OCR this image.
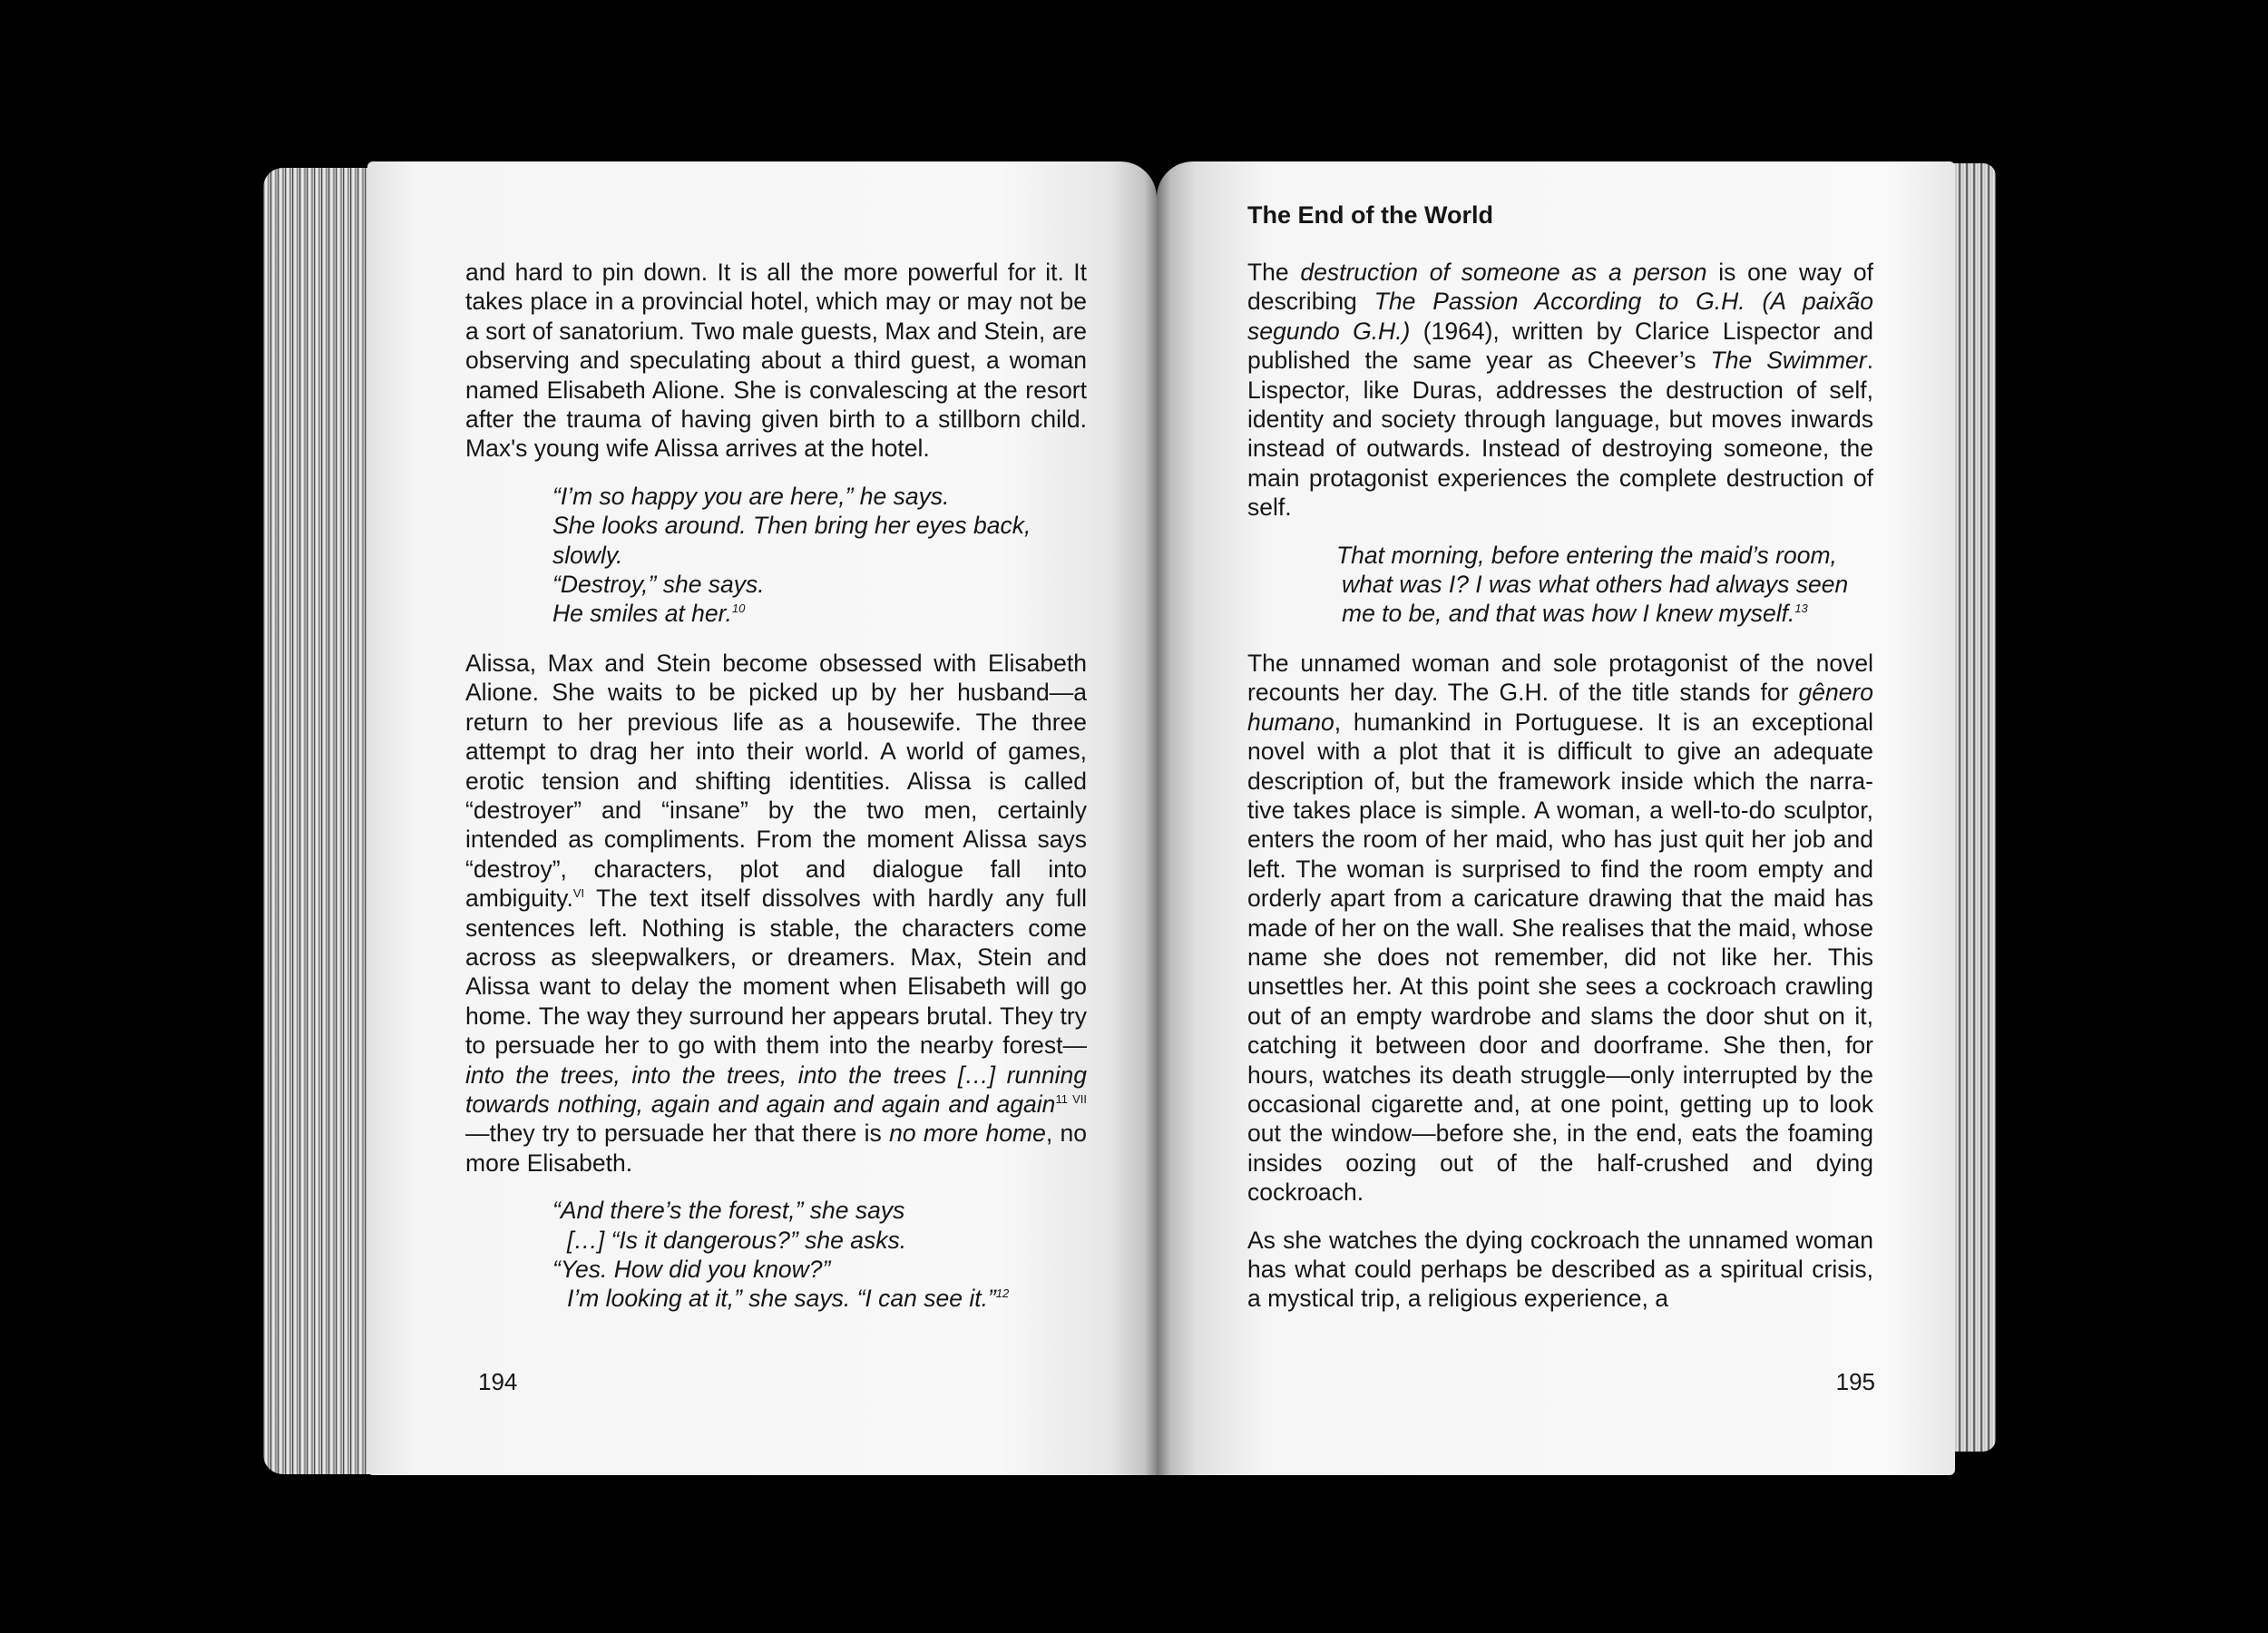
and hard to pin down. It is all the more powerful for it. It takes place in a provincial hotel, which may or may not be a sort of sanatorium. Two male guests, Max and Stein, are observing and speculating about a third guest, a woman named Elisabeth Alione. She is convalescing at the resort after the trauma of having given birth to a stillborn child. Max's young wife Alissa arrives at the hotel.

“I’m so happy you are here,” he says.
She looks around. Then bring her eyes back,
slowly.
“Destroy,” she says.
He smiles at her.$^{10}$

Alissa, Max and Stein become obsessed with Elisabeth Alione. She waits to be picked up by her husband—a return to her previous life as a housewife. The three attempt to drag her into their world. A world of games, erotic tension and shifting identities. Alissa is called “destroyer” and “insane” by the two men, certainly intended as compliments. From the moment Alissa says “destroy”, characters, plot and dialogue fall into ambiguity.$^{VI}$ The text itself dissolves with hardly any full sentences left. Nothing is stable, the characters come across as sleepwalkers, or dreamers. Max, Stein and Alissa want to delay the moment when Elisabeth will go home. The way they surround her appears brutal. They try to persuade her to go with them into the nearby forest—into the trees, into the trees, into the trees […] running towards nothing, again and again and again and again$^{11 VII}$—they try to persuade her that there is no more home, no more Elisabeth.

“And there’s the forest,” she says
[…] “Is it dangerous?” she asks.
“Yes. How did you know?”
I’m looking at it,” she says. “I can see it.”$^{12}$
194
The End of the World

The destruction of someone as a person is one way of describing The Passion According to G.H. (A paixão segundo G.H.) (1964), written by Clarice Lispector and published the same year as Cheever’s The Swimmer. Lispector, like Duras, addresses the destruction of self, identity and society through language, but moves inwards instead of outwards. Instead of destroying someone, the main protagonist experiences the complete destruction of self.

That morning, before entering the maid’s room,
what was I? I was what others had always seen
me to be, and that was how I knew myself.$^{13}$

The unnamed woman and sole protagonist of the novel recounts her day. The G.H. of the title stands for gênero humano, humankind in Portuguese. It is an exceptional novel with a plot that it is difficult to give an adequate description of, but the framework inside which the narrative takes place is simple. A woman, a well-to-do sculptor, enters the room of her maid, who has just quit her job and left. The woman is surprised to find the room empty and orderly apart from a caricature drawing that the maid has made of her on the wall. She realises that the maid, whose name she does not remember, did not like her. This unsettles her. At this point she sees a cockroach crawling out of an empty wardrobe and slams the door shut on it, catching it between door and doorframe. She then, for hours, watches its death struggle—only interrupted by the occasional cigarette and, at one point, getting up to look out the window—before she, in the end, eats the foaming insides oozing out of the half-crushed and dying cockroach.

As she watches the dying cockroach the unnamed woman has what could perhaps be described as a spiritual crisis, a mystical trip, a religious experience, a

195
